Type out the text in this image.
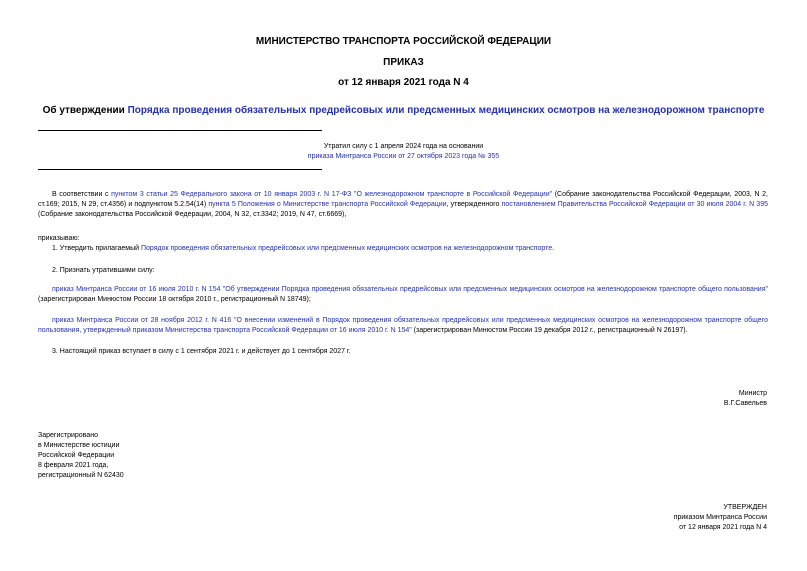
МИНИСТЕРСТВО ТРАНСПОРТА РОССИЙСКОЙ ФЕДЕРАЦИИ
ПРИКАЗ
от 12 января 2021 года N 4
Об утверждении Порядка проведения обязательных предрейсовых или предсменных медицинских осмотров на железнодорожном транспорте
Утратил силу с 1 апреля 2024 года на основании
приказа Минтранса России от 27 октября 2023 года № 355
В соответствии с пунктом 3 статьи 25 Федерального закона от 10 января 2003 г. N 17-ФЗ "О железнодорожном транспорте в Российской Федерации" (Собрание законодательства Российской Федерации, 2003, N 2, ст.169; 2015, N 29, ст.4356) и подпунктом 5.2.54(14) пункта 5 Положения о Министерстве транспорта Российской Федерации, утвержденного постановлением Правительства Российской Федерации от 30 июля 2004 г. N 395 (Собрание законодательства Российской Федерации, 2004, N 32, ст.3342; 2019, N 47, ст.6669),
приказываю:
1. Утвердить прилагаемый Порядок проведения обязательных предрейсовых или предсменных медицинских осмотров на железнодорожном транспорте.
2. Признать утратившими силу:
приказ Минтранса России от 16 июля 2010 г. N 154 "Об утверждении Порядка проведения обязательных предрейсовых или предсменных медицинских осмотров на железнодорожном транспорте общего пользования" (зарегистрирован Минюстом России 18 октября 2010 г., регистрационный N 18749);
приказ Минтранса России от 28 ноября 2012 г. N 416 "О внесении изменений в Порядок проведения обязательных предрейсовых или предсменных медицинских осмотров на железнодорожном транспорте общего пользования, утвержденный приказом Министерства транспорта Российской Федерации от 16 июля 2010 г. N 154" (зарегистрирован Минюстом России 19 декабря 2012 г., регистрационный N 26197).
3. Настоящий приказ вступает в силу с 1 сентября 2021 г. и действует до 1 сентября 2027 г.
Министр
В.Г.Савельев
Зарегистрировано
в Министерстве юстиции
Российской Федерации
8 февраля 2021 года,
регистрационный N 62430
УТВЕРЖДЕН
приказом Минтранса России
от 12 января 2021 года N 4
